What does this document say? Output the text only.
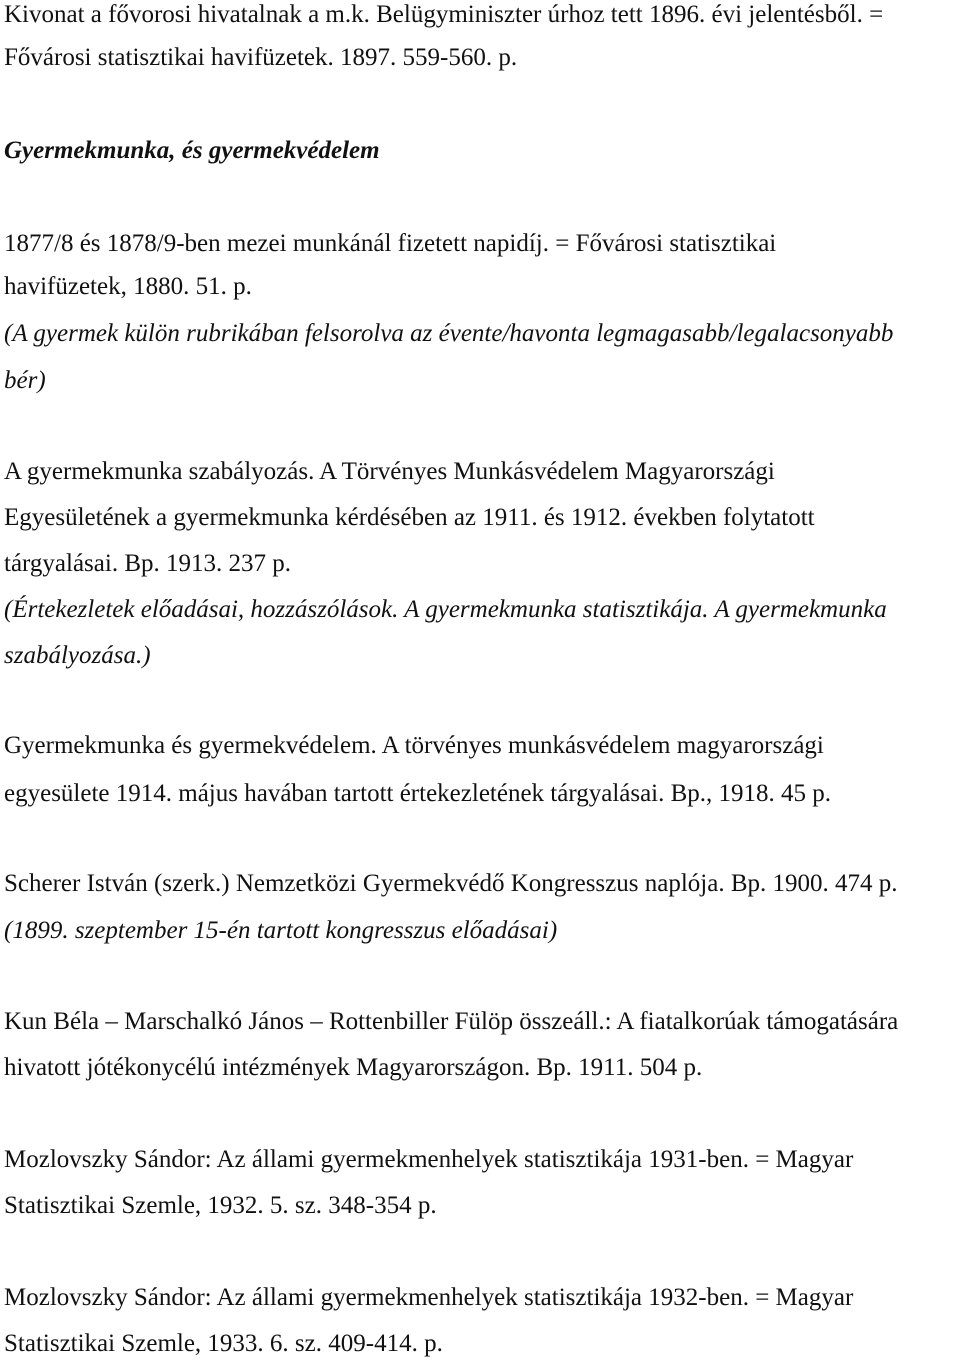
Kivonat a fővorosi hivatalnak a m.k. Belügyminiszter úrhoz tett 1896. évi jelentésből. =
Fővárosi statisztikai havifüzetek. 1897. 559-560. p.
Gyermekmunka, és gyermekvédelem
1877/8 és 1878/9-ben mezei munkánál fizetett napidíj. = Fővárosi statisztikai
havifüzetek, 1880. 51. p.
(A gyermek külön rubrikában felsorolva az évente/havonta legmagasabb/legalacsonyabb
bér)
A gyermekmunka szabályozás. A Törvényes Munkásvédelem Magyarországi
Egyesületének a gyermekmunka kérdésében az 1911. és 1912. években folytatott
tárgyalásai. Bp. 1913. 237 p.
(Értekezletek előadásai, hozzászólások. A gyermekmunka statisztikája. A gyermekmunka
szabályozása.)
Gyermekmunka és gyermekvédelem. A törvényes munkásvédelem magyarországi
egyesülete 1914. május havában tartott értekezletének tárgyalásai. Bp., 1918. 45 p.
Scherer István (szerk.) Nemzetközi Gyermekvédő Kongresszus naplója. Bp. 1900. 474 p.
(1899. szeptember 15-én tartott kongresszus előadásai)
Kun Béla – Marschalkó János – Rottenbiller Fülöp összeáll.: A fiatalkorúak támogatására
hivatott jótékonycélú intézmények Magyarországon. Bp. 1911. 504 p.
Mozlovszky Sándor: Az állami gyermekmenhelyek statisztikája 1931-ben. = Magyar
Statisztikai Szemle, 1932. 5. sz. 348-354 p.
Mozlovszky Sándor: Az állami gyermekmenhelyek statisztikája 1932-ben. = Magyar
Statisztikai Szemle, 1933. 6. sz. 409-414. p.
